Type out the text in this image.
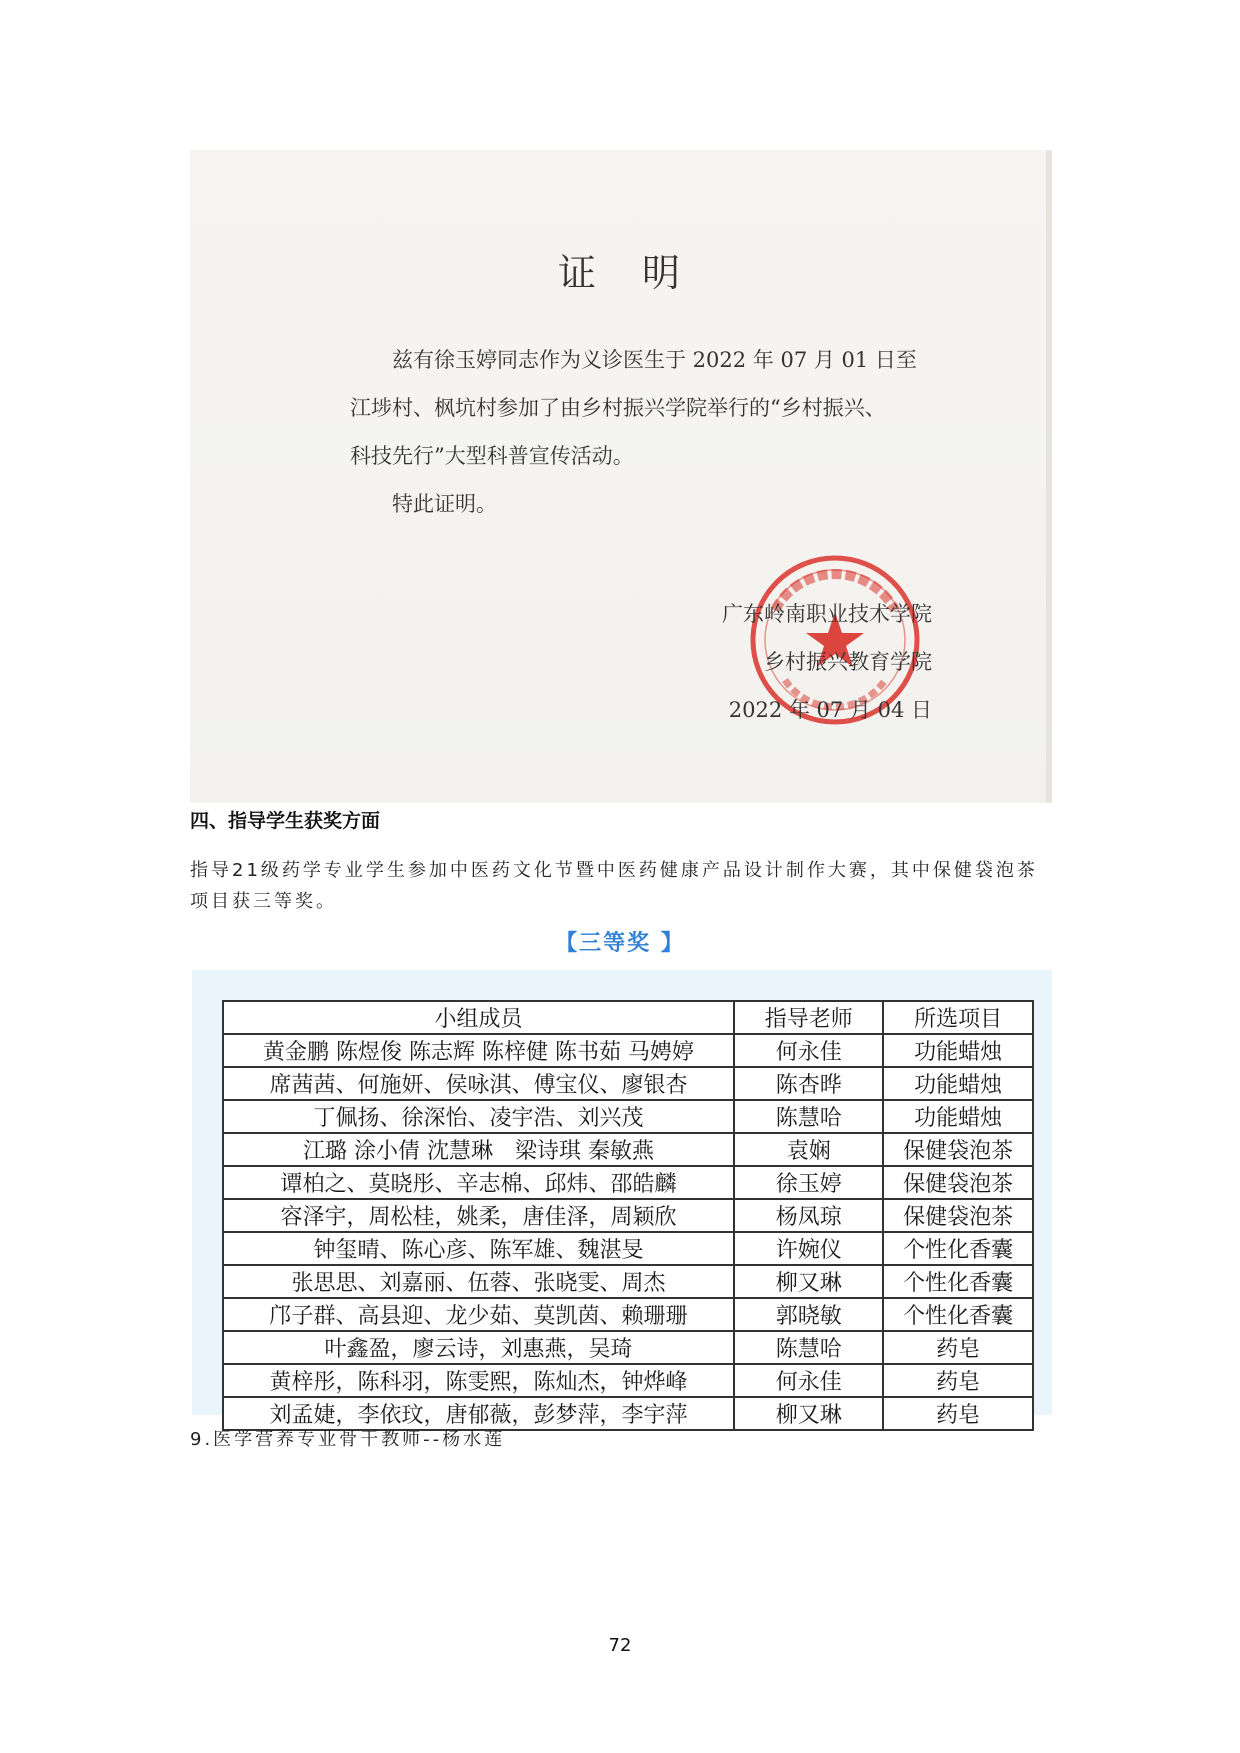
证　明

兹有徐玉婷同志作为义诊医生于 2022 年 07 月 01 日至

江埗村、枫坑村参加了由乡村振兴学院举行的“乡村振兴、

科技先行”大型科普宣传活动。

特此证明。

广东岭南职业技术学院
乡村振兴教育学院
2022 年 07 月 04 日
四、指导学生获奖方面
指导21级药学专业学生参加中医药文化节暨中医药健康产品设计制作大赛，其中保健袋泡茶项目获三等奖。
【三等奖 】
小组成员	指导老师	所选项目
黄金鹏 陈煜俊 陈志辉 陈梓健 陈书茹 马娉婷	何永佳	功能蜡烛
席茜茜、何施妍、侯咏淇、傅宝仪、廖银杏	陈杏晔	功能蜡烛
丁佩扬、徐深怡、凌宇浩、刘兴茂	陈慧哈	功能蜡烛
江璐 涂小倩 沈慧琳　梁诗琪 秦敏燕	袁娴	保健袋泡茶
谭柏之、莫晓彤、辛志棉、邱炜、邵皓麟	徐玉婷	保健袋泡茶
容泽宇，周松桂，姚柔，唐佳泽，周颖欣	杨凤琼	保健袋泡茶
钟玺晴、陈心彦、陈军雄、魏湛旻	许婉仪	个性化香囊
张思思、刘嘉丽、伍蓉、张晓雯、周杰	柳又琳	个性化香囊
邝子群、高县迎、龙少茹、莫凯茵、赖珊珊	郭晓敏	个性化香囊
叶鑫盈，廖云诗，刘惠燕，吴琦	陈慧哈	药皂
黄梓彤，陈科羽，陈雯熙，陈灿杰，钟烨峰	何永佳	药皂
刘孟婕，李依玟，唐郁薇，彭梦萍，李宇萍	柳又琳	药皂
9.医学营养专业骨干教师--杨水莲
72
